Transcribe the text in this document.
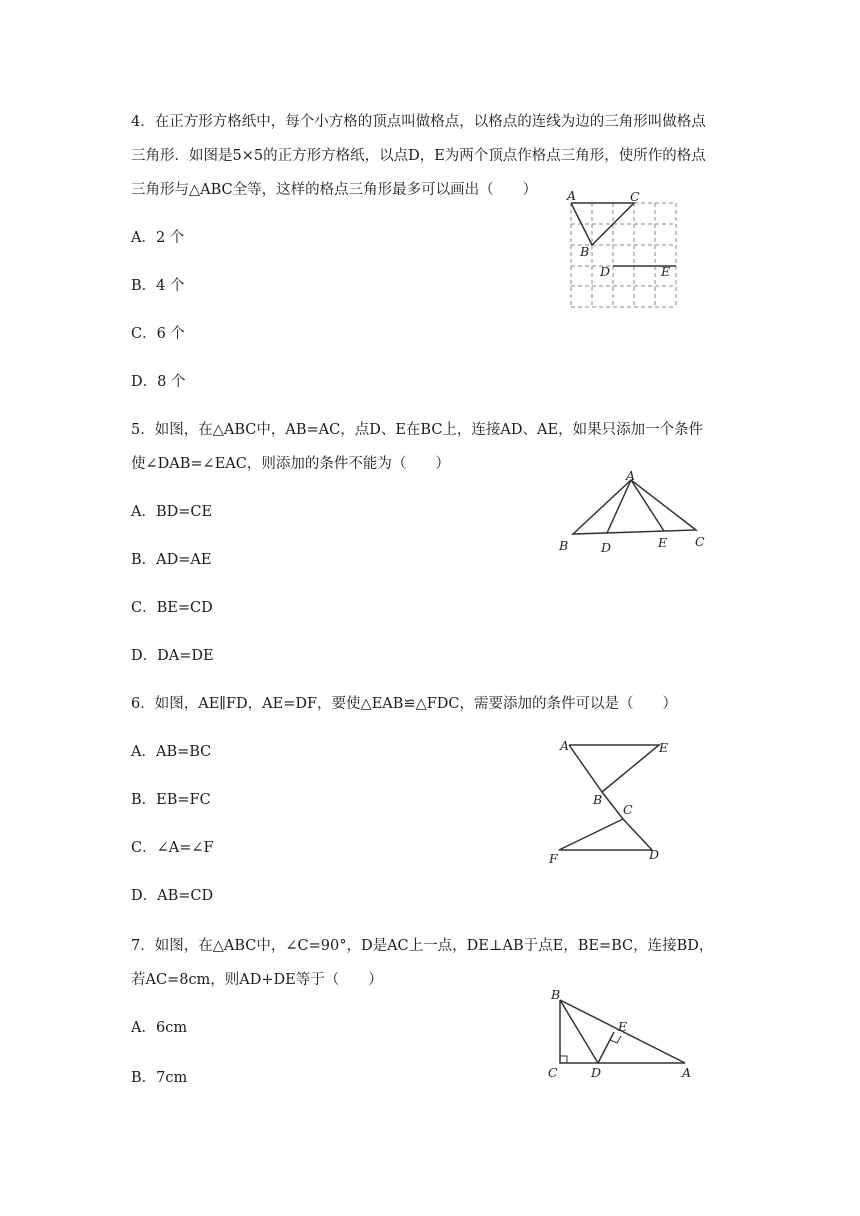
4．在正方形方格纸中，每个小方格的顶点叫做格点，以格点的连线为边的三角形叫做格点
三角形．如图是5×5的正方形方格纸，以点D，E为两个顶点作格点三角形，使所作的格点
三角形与△ABC全等，这样的格点三角形最多可以画出（　　）
A．2 个
B．4 个
C．6 个
D．8 个
A	C
B
D	E
5．如图，在△ABC中，AB=AC，点D、E在BC上，连接AD、AE，如果只添加一个条件
使∠DAB=∠EAC，则添加的条件不能为（　　）
A．BD=CE
B．AD=AE
C．BE=CD
D．DA=DE
A
B	D	E C
6．如图，AE∥FD，AE=DF，要使△EAB≌△FDC，需要添加的条件可以是（　　）
A．AB=BC
B．EB=FC
C．∠A=∠F
D．AB=CD
A	E
B
C
F	D
7．如图，在△ABC中，∠C=90°，D是AC上一点，DE⊥AB于点E，BE=BC，连接BD，
若AC=8cm，则AD+DE等于（　　）
A．6cm
B．7cm
B
E
C	D	A
